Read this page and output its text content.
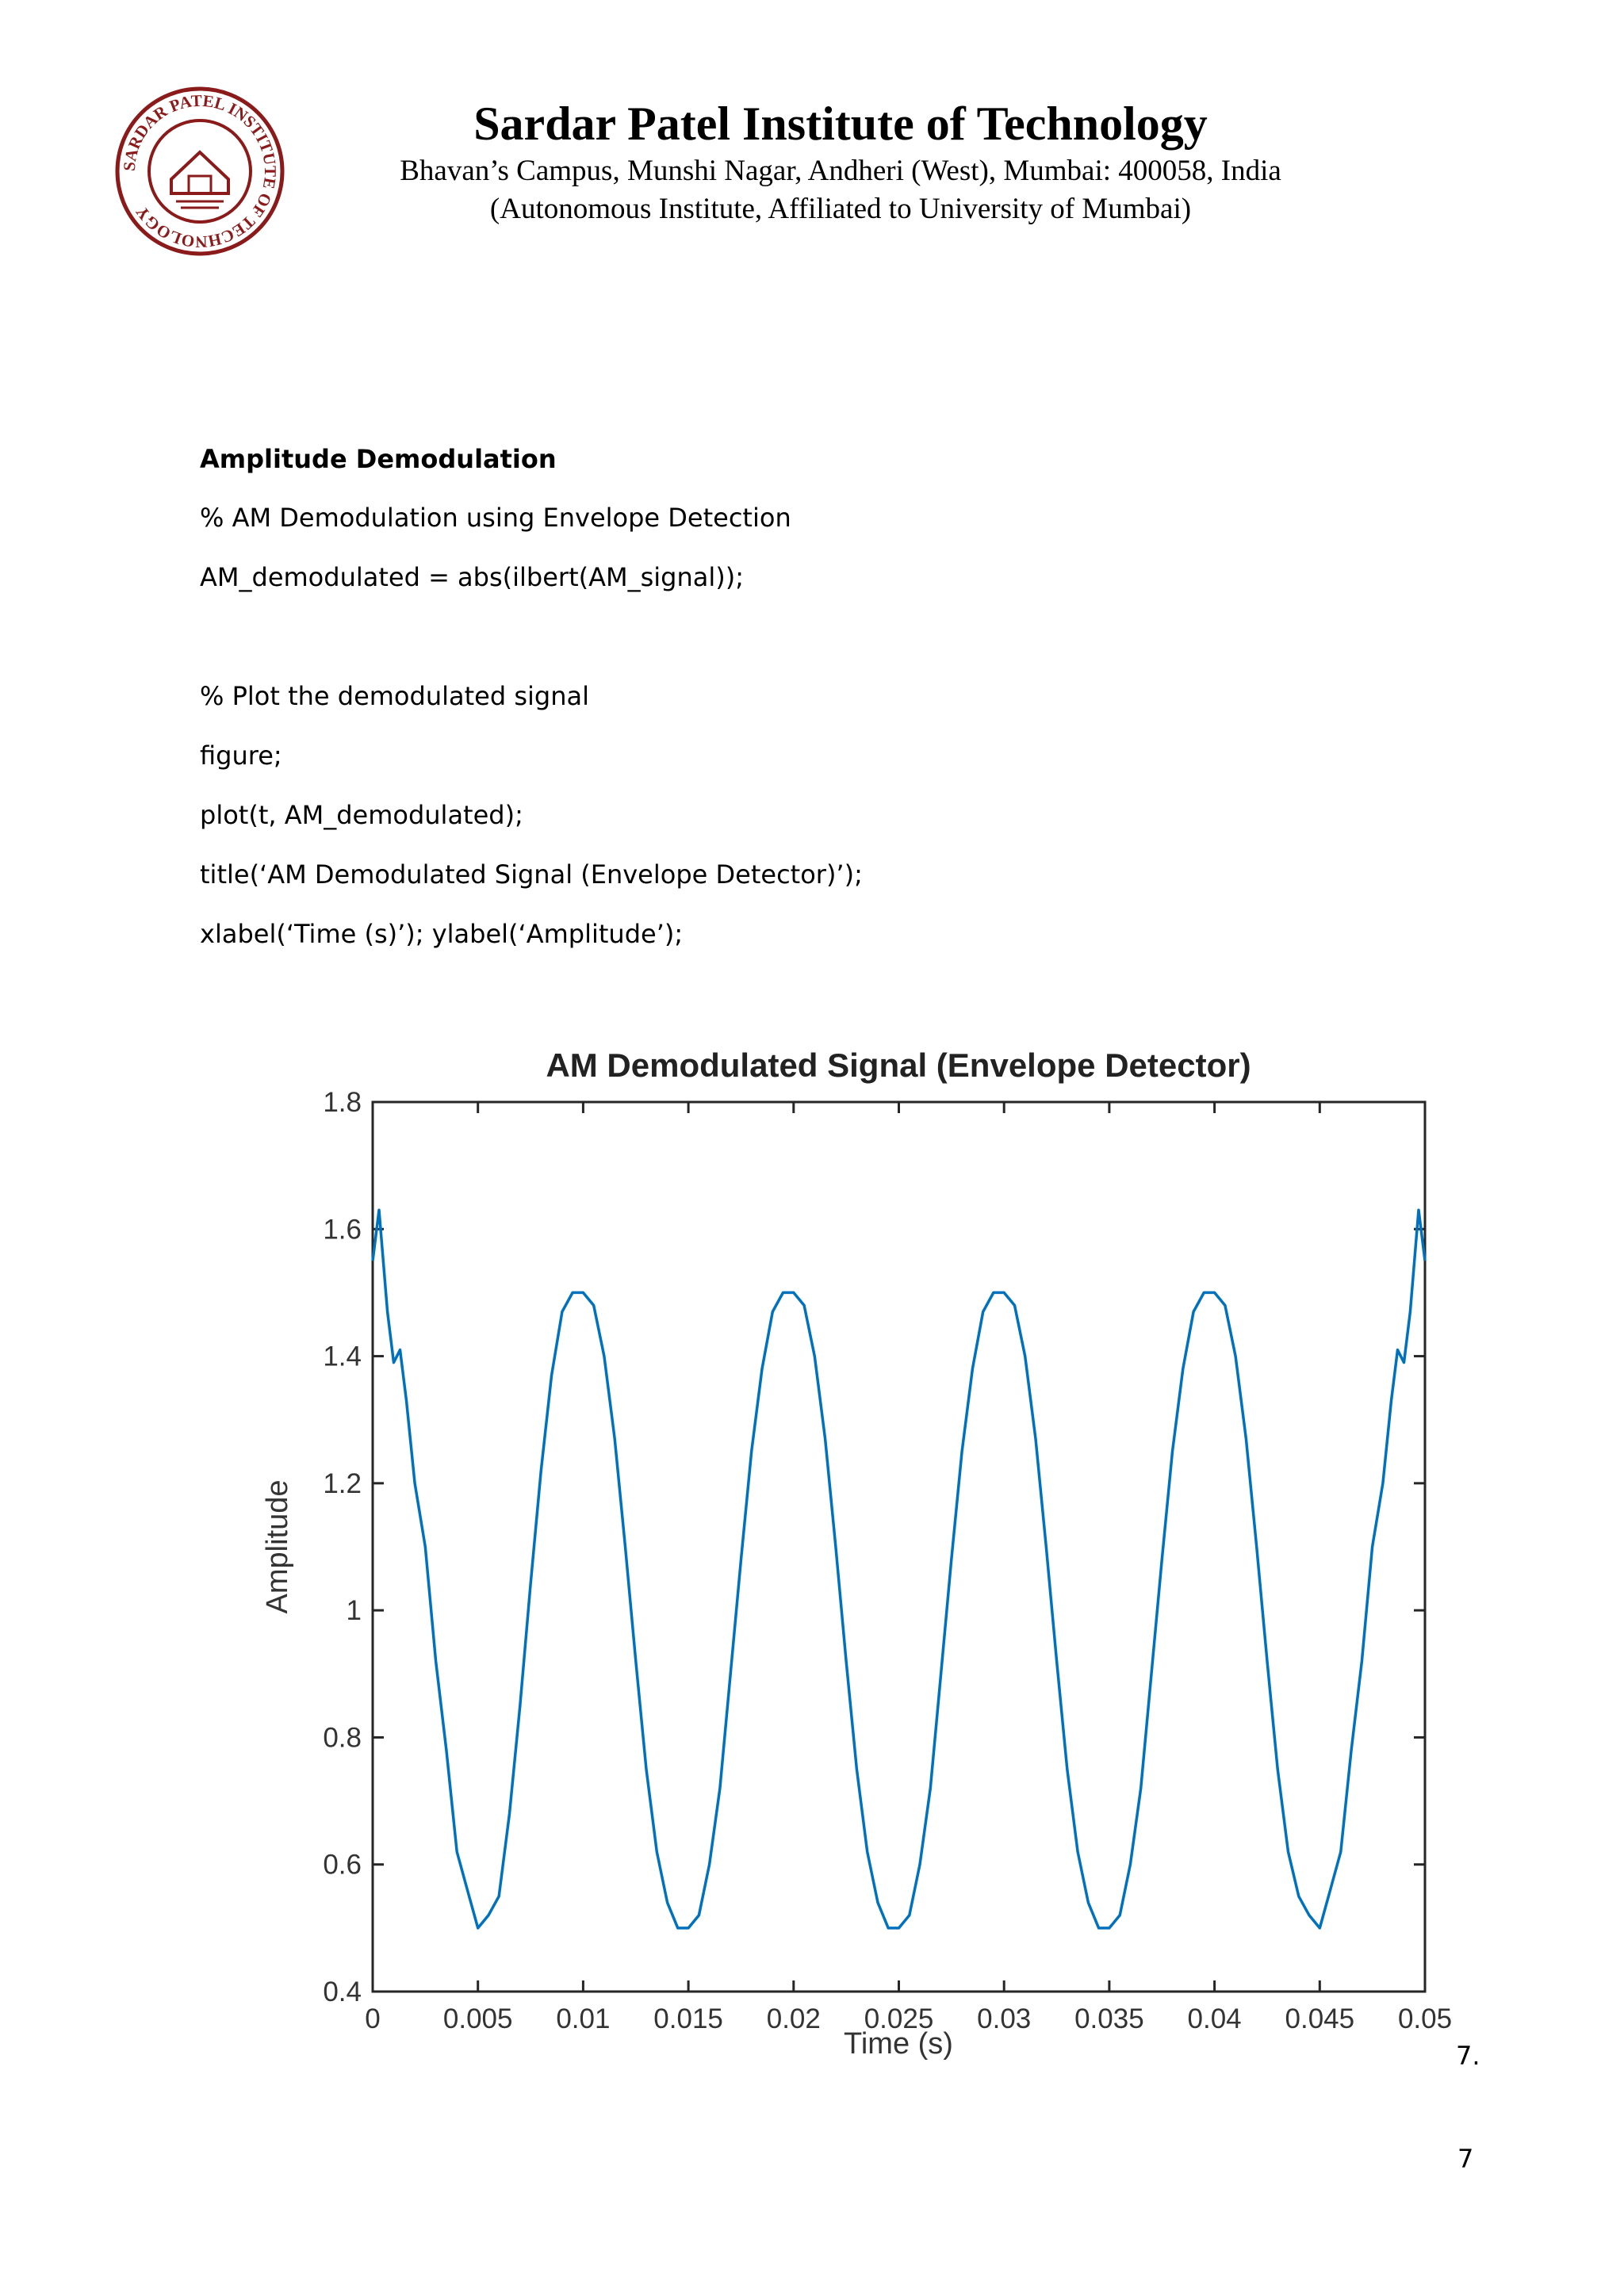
SARDAR PATEL INSTITUTE OF TECHNOLOGY
Sardar Patel Institute of Technology
Bhavan’s Campus, Munshi Nagar, Andheri (West), Mumbai: 400058, India
(Autonomous Institute, Affiliated to University of Mumbai)
Amplitude Demodulation
% AM Demodulation using Envelope Detection
AM_demodulated = abs(ilbert(AM_signal));
% Plot the demodulated signal
figure;
plot(t, AM_demodulated);
title(‘AM Demodulated Signal (Envelope Detector)’);
xlabel(‘Time (s)’); ylabel(‘Amplitude’);
AM Demodulated Signal (Envelope Detector)
0 0.005 0.01 0.015 0.02 0.025 0.03 0.035 0.04 0.045 0.05
0.4
0.6
0.8
1
1.2
1.4
1.6
1.8
Time (s)
Amplitude
7.
7
